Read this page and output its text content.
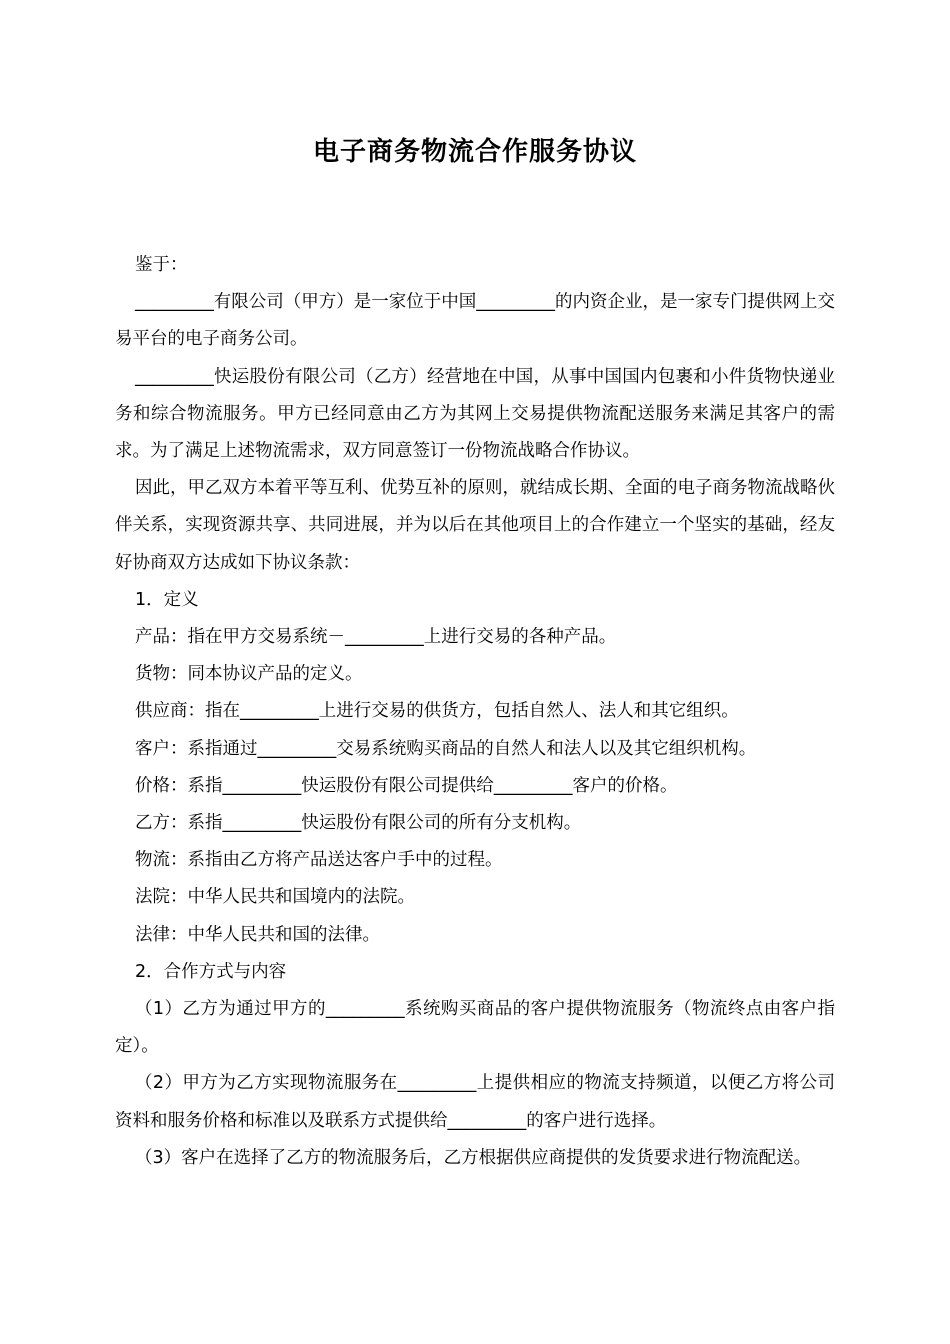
电子商务物流合作服务协议

鉴于：

_________有限公司（甲方）是一家位于中国_________的内资企业，是一家专门提供网上交易平台的电子商务公司。

_________快运股份有限公司（乙方）经营地在中国，从事中国国内包裹和小件货物快递业务和综合物流服务。甲方已经同意由乙方为其网上交易提供物流配送服务来满足其客户的需求。为了满足上述物流需求，双方同意签订一份物流战略合作协议。

因此，甲乙双方本着平等互利、优势互补的原则，就结成长期、全面的电子商务物流战略伙伴关系，实现资源共享、共同进展，并为以后在其他项目上的合作建立一个坚实的基础，经友好协商双方达成如下协议条款：

1．定义

产品：指在甲方交易系统－_________上进行交易的各种产品。

货物：同本协议产品的定义。

供应商：指在_________上进行交易的供货方，包括自然人、法人和其它组织。

客户：系指通过_________交易系统购买商品的自然人和法人以及其它组织机构。

价格：系指_________快运股份有限公司提供给_________客户的价格。

乙方：系指_________快运股份有限公司的所有分支机构。

物流：系指由乙方将产品送达客户手中的过程。

法院：中华人民共和国境内的法院。

法律：中华人民共和国的法律。

2．合作方式与内容

（1）乙方为通过甲方的_________系统购买商品的客户提供物流服务（物流终点由客户指定）。

（2）甲方为乙方实现物流服务在_________上提供相应的物流支持频道，以便乙方将公司资料和服务价格和标准以及联系方式提供给_________的客户进行选择。

（3）客户在选择了乙方的物流服务后，乙方根据供应商提供的发货要求进行物流配送。
